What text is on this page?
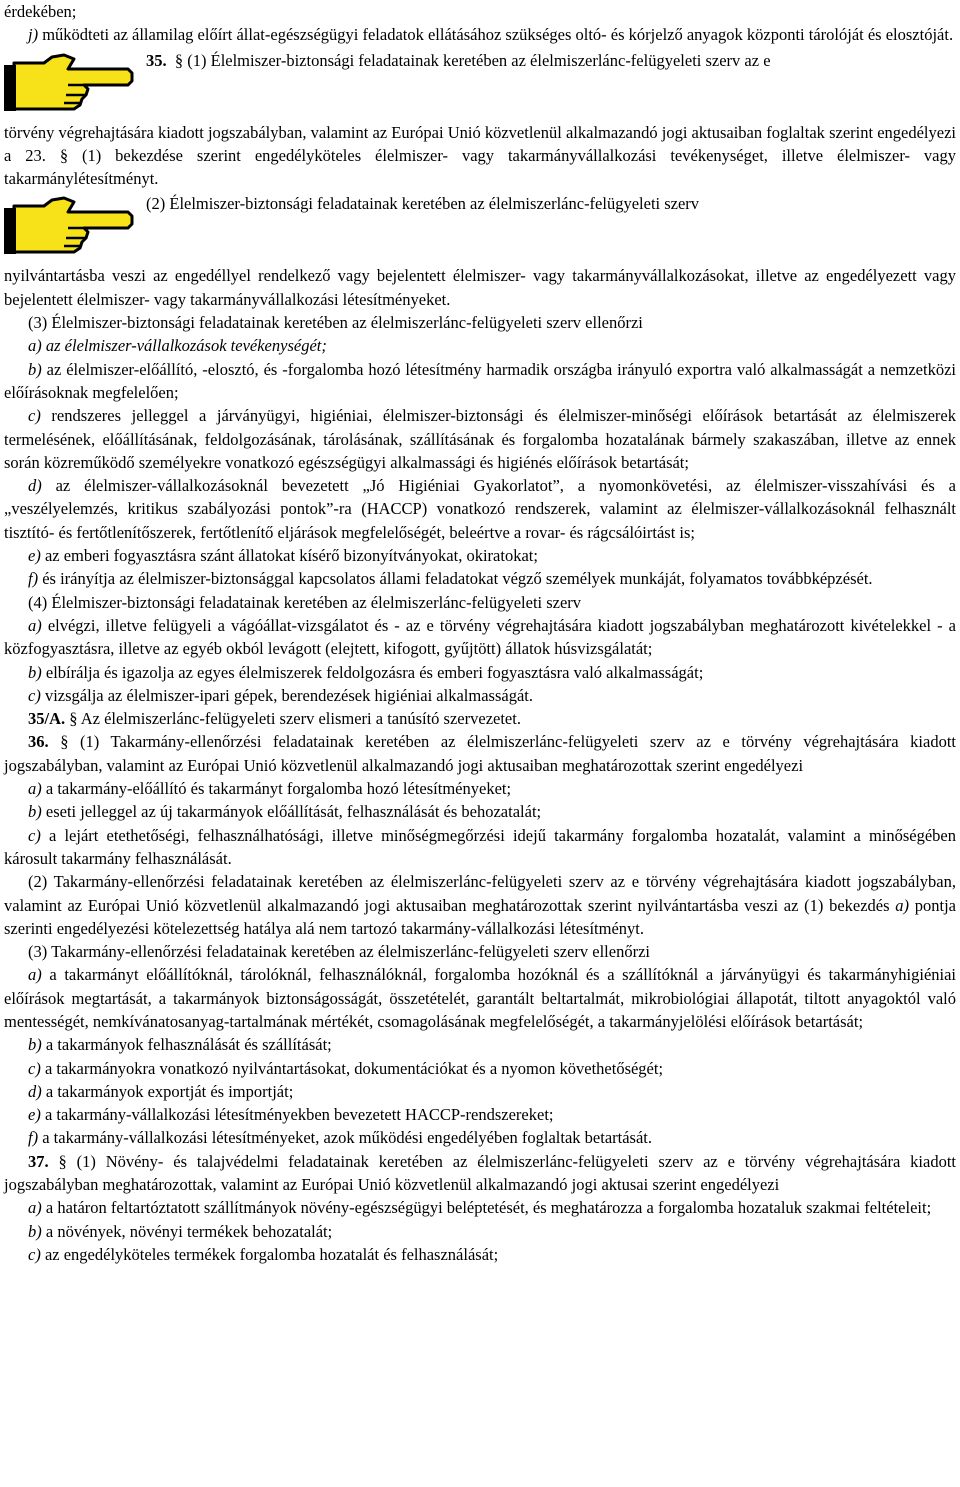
érdekében;

j) működteti az államilag előírt állat-egészségügyi feladatok ellátásához szükséges oltó- és kórjelző anyagok központi tárolóját és elosztóját.

35. § (1) Élelmiszer-biztonsági feladatainak keretében az élelmiszerlánc-felügyeleti szerv az e

törvény végrehajtására kiadott jogszabályban, valamint az Európai Unió közvetlenül alkalmazandó jogi aktusaiban foglaltak szerint engedélyezi a 23. § (1) bekezdése szerint engedélyköteles élelmiszer- vagy takarmányvállalkozási tevékenységet, illetve élelmiszer- vagy takarmánylétesítményt.

(2) Élelmiszer-biztonsági feladatainak keretében az élelmiszerlánc-felügyeleti szerv

nyilvántartásba veszi az engedéllyel rendelkező vagy bejelentett élelmiszer- vagy takarmányvállalkozásokat, illetve az engedélyezett vagy bejelentett élelmiszer- vagy takarmányvállalkozási létesítményeket.

(3) Élelmiszer-biztonsági feladatainak keretében az élelmiszerlánc-felügyeleti szerv ellenőrzi

a) az élelmiszer-vállalkozások tevékenységét;

b) az élelmiszer-előállító, -elosztó, és -forgalomba hozó létesítmény harmadik országba irányuló exportra való alkalmasságát a nemzetközi előírásoknak megfelelően;

c) rendszeres jelleggel a járványügyi, higiéniai, élelmiszer-biztonsági és élelmiszer-minőségi előírások betartását az élelmiszerek termelésének, előállításának, feldolgozásának, tárolásának, szállításának és forgalomba hozatalának bármely szakaszában, illetve az ennek során közreműködő személyekre vonatkozó egészségügyi alkalmassági és higiénés előírások betartását;

d) az élelmiszer-vállalkozásoknál bevezetett „Jó Higiéniai Gyakorlatot”, a nyomonkövetési, az élelmiszer-visszahívási és a „veszélyelemzés, kritikus szabályozási pontok”-ra (HACCP) vonatkozó rendszerek, valamint az élelmiszer-vállalkozásoknál felhasznált tisztító- és fertőtlenítőszerek, fertőtlenítő eljárások megfelelőségét, beleértve a rovar- és rágcsálóirtást is;

e) az emberi fogyasztásra szánt állatokat kísérő bizonyítványokat, okiratokat;

f) és irányítja az élelmiszer-biztonsággal kapcsolatos állami feladatokat végző személyek munkáját, folyamatos továbbképzését.

(4) Élelmiszer-biztonsági feladatainak keretében az élelmiszerlánc-felügyeleti szerv

a) elvégzi, illetve felügyeli a vágóállat-vizsgálatot és - az e törvény végrehajtására kiadott jogszabályban meghatározott kivételekkel - a közfogyasztásra, illetve az egyéb okból levágott (elejtett, kifogott, gyűjtött) állatok húsvizsgálatát;

b) elbírálja és igazolja az egyes élelmiszerek feldolgozásra és emberi fogyasztásra való alkalmasságát;

c) vizsgálja az élelmiszer-ipari gépek, berendezések higiéniai alkalmasságát.

35/A. § Az élelmiszerlánc-felügyeleti szerv elismeri a tanúsító szervezetet.

36. § (1) Takarmány-ellenőrzési feladatainak keretében az élelmiszerlánc-felügyeleti szerv az e törvény végrehajtására kiadott jogszabályban, valamint az Európai Unió közvetlenül alkalmazandó jogi aktusaiban meghatározottak szerint engedélyezi

a) a takarmány-előállító és takarmányt forgalomba hozó létesítményeket;

b) eseti jelleggel az új takarmányok előállítását, felhasználását és behozatalát;

c) a lejárt etethetőségi, felhasználhatósági, illetve minőségmegőrzési idejű takarmány forgalomba hozatalát, valamint a minőségében károsult takarmány felhasználását.

(2) Takarmány-ellenőrzési feladatainak keretében az élelmiszerlánc-felügyeleti szerv az e törvény végrehajtására kiadott jogszabályban, valamint az Európai Unió közvetlenül alkalmazandó jogi aktusaiban meghatározottak szerint nyilvántartásba veszi az (1) bekezdés a) pontja szerinti engedélyezési kötelezettség hatálya alá nem tartozó takarmány-vállalkozási létesítményt.

(3) Takarmány-ellenőrzési feladatainak keretében az élelmiszerlánc-felügyeleti szerv ellenőrzi

a) a takarmányt előállítóknál, tárolóknál, felhasználóknál, forgalomba hozóknál és a szállítóknál a járványügyi és takarmányhigiéniai előírások megtartását, a takarmányok biztonságosságát, összetételét, garantált beltartalmát, mikrobiológiai állapotát, tiltott anyagoktól való mentességét, nemkívánatosanyag-tartalmának mértékét, csomagolásának megfelelőségét, a takarmányjelölési előírások betartását;

b) a takarmányok felhasználását és szállítását;

c) a takarmányokra vonatkozó nyilvántartásokat, dokumentációkat és a nyomon követhetőségét;

d) a takarmányok exportját és importját;

e) a takarmány-vállalkozási létesítményekben bevezetett HACCP-rendszereket;

f) a takarmány-vállalkozási létesítményeket, azok működési engedélyében foglaltak betartását.

37. § (1) Növény- és talajvédelmi feladatainak keretében az élelmiszerlánc-felügyeleti szerv az e törvény végrehajtására kiadott jogszabályban meghatározottak, valamint az Európai Unió közvetlenül alkalmazandó jogi aktusai szerint engedélyezi

a) a határon feltartóztatott szállítmányok növény-egészségügyi beléptetését, és meghatározza a forgalomba hozataluk szakmai feltételeit;

b) a növények, növényi termékek behozatalát;

c) az engedélyköteles termékek forgalomba hozatalát és felhasználását;
